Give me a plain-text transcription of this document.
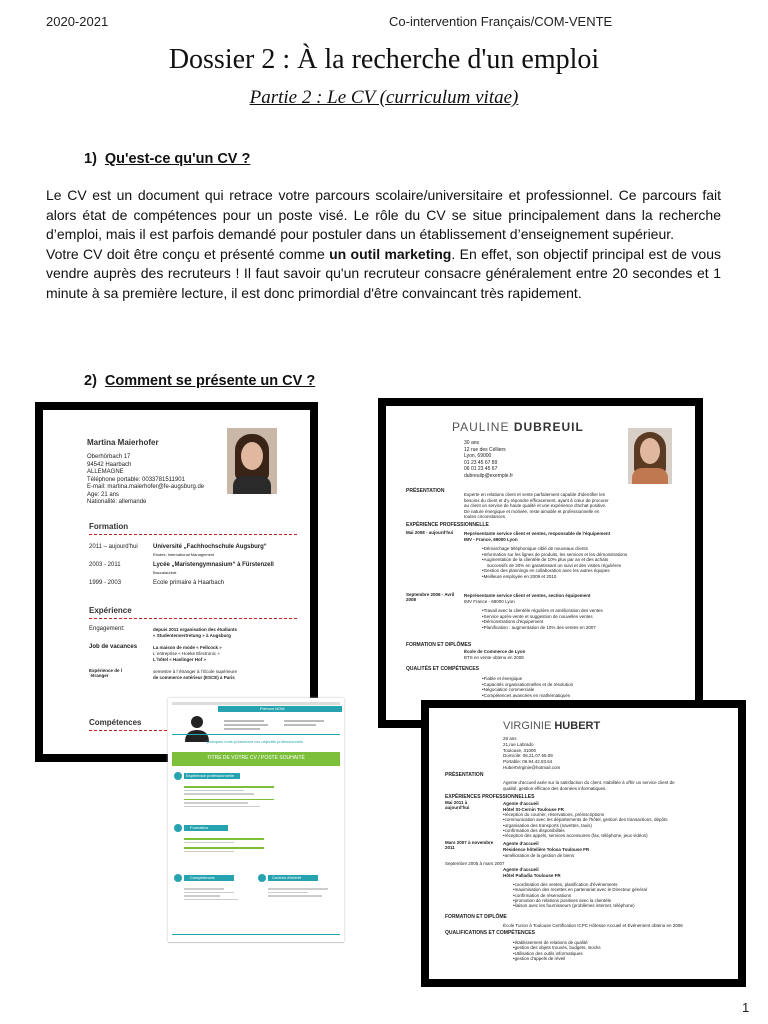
2020-2021	Co-intervention Français/COM-VENTE
Dossier 2 : À la recherche d'un emploi
Partie 2 : Le CV (curriculum vitae)
1) Qu'est-ce qu'un CV ?

Le CV est un document qui retrace votre parcours scolaire/universitaire et professionnel. Ce parcours fait alors état de compétences pour un poste visé. Le rôle du CV se situe principalement dans la recherche d’emploi, mais il est parfois demandé pour postuler dans un établissement d’enseignement supérieur.

Votre CV doit être conçu et présenté comme un outil marketing. En effet, son objectif principal est de vous vendre auprès des recruteurs ! Il faut savoir qu'un recruteur consacre généralement entre 20 secondes et 1 minute à sa première lecture, il est donc primordial d'être convaincant très rapidement.

2) Comment se présente un CV ?
Martina Maierhofer
Oberhörbach 17
94542 Haarbach
ALLEMAGNE
Téléphone portable: 0033781511901
E-mail: martina.maierhofer@fe-augsburg.de
Age: 21 ans
Nationalité: allemande
Formation
2011 – aujourd'hui	Université „Fachhochschule Augsburg“
Etudes: International Management
2003 - 2011	Lycée „Maristengymnasium“ à Fürstenzell
Baccalauréat
1999 - 2003	Ecole primaire à Haarbach
Expérience
Engagement:	depuis 2011 organisation des étudiants
« Studentenvertretung » à Augsburg
Job de vacances	La maison de mode « Fellcock »
L´entreprise « Hoeke Electronic »
L´hôtel « Haslinger Hof »
Expérience de l´étranger
semestre à l´étranger à l´École supérieure
de commerce extérieur (ESCE) à Paris
Compétences
PAULINE DUBREUIL
30 ans
12 rue des Célliers
Lyon, 69000
01 23 45 67 89
06 01 23 45 67
dubreuilp@exemple.fr
PRÉSENTATION
Experte en relations client et vente parfaitement capable d'identifier les
besoins du client et d'y répondre efficacement, ayant à cœur de procurer
au client un service de haute qualité et une expérience d'achat positive.
De nature énergique et motivée, reste aimable et professionnelle en
toutes circonstances.
EXPÉRIENCE PROFESSIONNELLE
Mai 2008 - aujourd'hui	Représentante service client et ventes, responsable de l'équipement
IMV - France, 69000 Lyon
• Démarchage téléphonique ciblé de nouveaux clients
• Information sur les lignes de produits, les services et les démonstrations
• Augmentation de la clientèle de 10% plus par an et des achats
successifs de 20% en garantissant un suivi et des visites régulières
• Gestion des plannings en collaboration avec les autres équipes
• Meilleure employée en 2009 et 2010
Septembre 2006 - Avril 2008
Représentante service client et ventes, section équipement
IMV France - 69000 Lyon
• Travail avec la clientèle régulière et amélioration des ventes
• Service après-vente et suggestion de nouvelles ventes
• Démonstrations d'équipement
• Planification : augmentation de 10% des ventes en 2007
FORMATION ET DIPLÔMES
École de Commerce de Lyon
BTS en vente obtenu en 2008
QUALITÉS ET COMPÉTENCES
• Fiable et énergique
• Capacités organisationnelles et de résolution
• Négociation commerciale
• Compétences avancées en mathématiques
VIRGINIE HUBERT
29 ans
21,rue Labrado
Toulouse, 31000
Domicile: 06.21.07.65.09
Portable: 06.94.42.83.64
HubertVirginie@hotmail.com
PRÉSENTATION
Agente d'accueil axée sur la satisfaction du client. Habilitée à offrir un service client de
qualité, gestion efficace des données informatiques.
EXPÉRIENCES PROFESSIONNELLES
Mai 2011 à aujourd'hui
Agente d'accueil
Hôtel St-Cernin Toulouse FR
• réception du courrier, réservations, préinscriptions
• communication avec les départements de l'hôtel, gestion des transactions, dépôts
• organisation des transports (navettes, taxis)
• confirmation des disponibilités
• réception des appels, services accessoires (fax, téléphone, jeux vidéos)
Mars 2007 à novembre 2011
Agente d'accueil
Résidence hôtelière Tolosa Toulouse FR
• amélioration de la gestion de biens
Septembre 2005 à mars 2007
Agente d'accueil
Hôtel Palladia Toulouse FR
• coordination des ventes, planification d'événements
• maximisation des recettes en partenariat avec le Directeur général
• confirmation de réservations
• promotion de relations positives avec la clientèle
• liaison avec les fournisseurs (problèmes internet, téléphone)
FORMATION ET DIPLÔME
École Tunon à Toulouse Certification ICPC Hôtesse Accueil et Événement obtenu en 2006
QUALIFICATIONS ET COMPÉTENCES
• établissement de relations de qualité
• gestion des objets trouvés, budgets, stocks
• Utilisation des outils informatiques
• gestion d'appels de réveil
Prénom NOM
Quelques mots présentant vos objectifs professionnels
TITRE DE VOTRE CV / POSTE SOUHAITÉ
Expérience professionnelle
Formation
Compétences	Centres d'intérêt
1
